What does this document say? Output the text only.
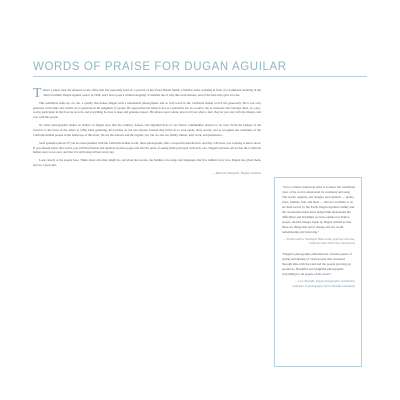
WORDS OF PRAISE FOR DUGAN AGUILAR

There's a photo near the entrance to my office that I'm especially fond of: a portrait of my friend Daniel Smith, a Washoe elder, standing in front of a traditional dwelling in the Sierra foothills. Dugan Aguilar took it in 1996, and I never pass it without stopping. It reminds me of why this work matters, and of the man who gave it to me.

This exhibition sums up, for me, a quality that makes Dugan such a remarkable photographer and so well loved in the California Indian world: his generosity. He is not only generous with prints and credits; he is generous in his judgment of people. He approaches his subjects not as a journalist nor as a tourist, but as someone who belongs there, as a day-to-day participant in the lives he records, and everything he does is deep and genuine respect. His photos never shout, never tell you what to feel; they let you stay with the images, and stay with the people.

No other photographer makes us believe as Dugan does that the ordinary, honest, and dignified lives of our Native communities deserve to be seen. From the baskets of the weavers to the faces of the elders at a Big Time gathering, his pictures do not use anyone; instead they invite us to look again, more slowly, and to recognize the continuity of the California Indian people in the landscape of this state. We see the dancers and the regalia, yes, but we also see family, humor, hard work, and persistence.

Such splendid photos! If you are unacquainted with the California Indian world, these photographs offer a respectful introduction, and they will leave you wanting to know more. If you already know that world, you will find friends and relatives in these pages and feel the pride of seeing them portrayed with such care. Dugan's pictures tell us that the California Indian story is not over, and that it is still being written every day.

Look closely at the people here. Think about who they might be, and about the stories, the families, the songs and languages that live behind every face. Dugan has given them, and us, a great gift.

— Malcolm Margolin, Heyday Institute

"To be a Native American artist is to know the traditional view of the world, understand its ceremony and song. The works, legends, and designs, and symbols — plants, trees, animals, fish, and birds — that are available to us are held sacred by the Earth. Dugan Aguilar's family and the ceremonial elders have helped him understand the difficulties and hardships we have endured as Native people, and the images made by Dugan remind us that there are things that never change and are worth remembering and believing."

— Frank LaPena, Nomtipom Wintu artist, professor emeritus, California State University, Sacramento

"Dugan's photography embodies the constant quests of giving and sharing of visual poetry that resonated through time with the land and the people growing up around us. Beautiful and insightful photographs: everything for all people of the world."

— Lucy McArdle, Dugan photographer and Washoe craftsman, in photography, Sierra Nevada Community
